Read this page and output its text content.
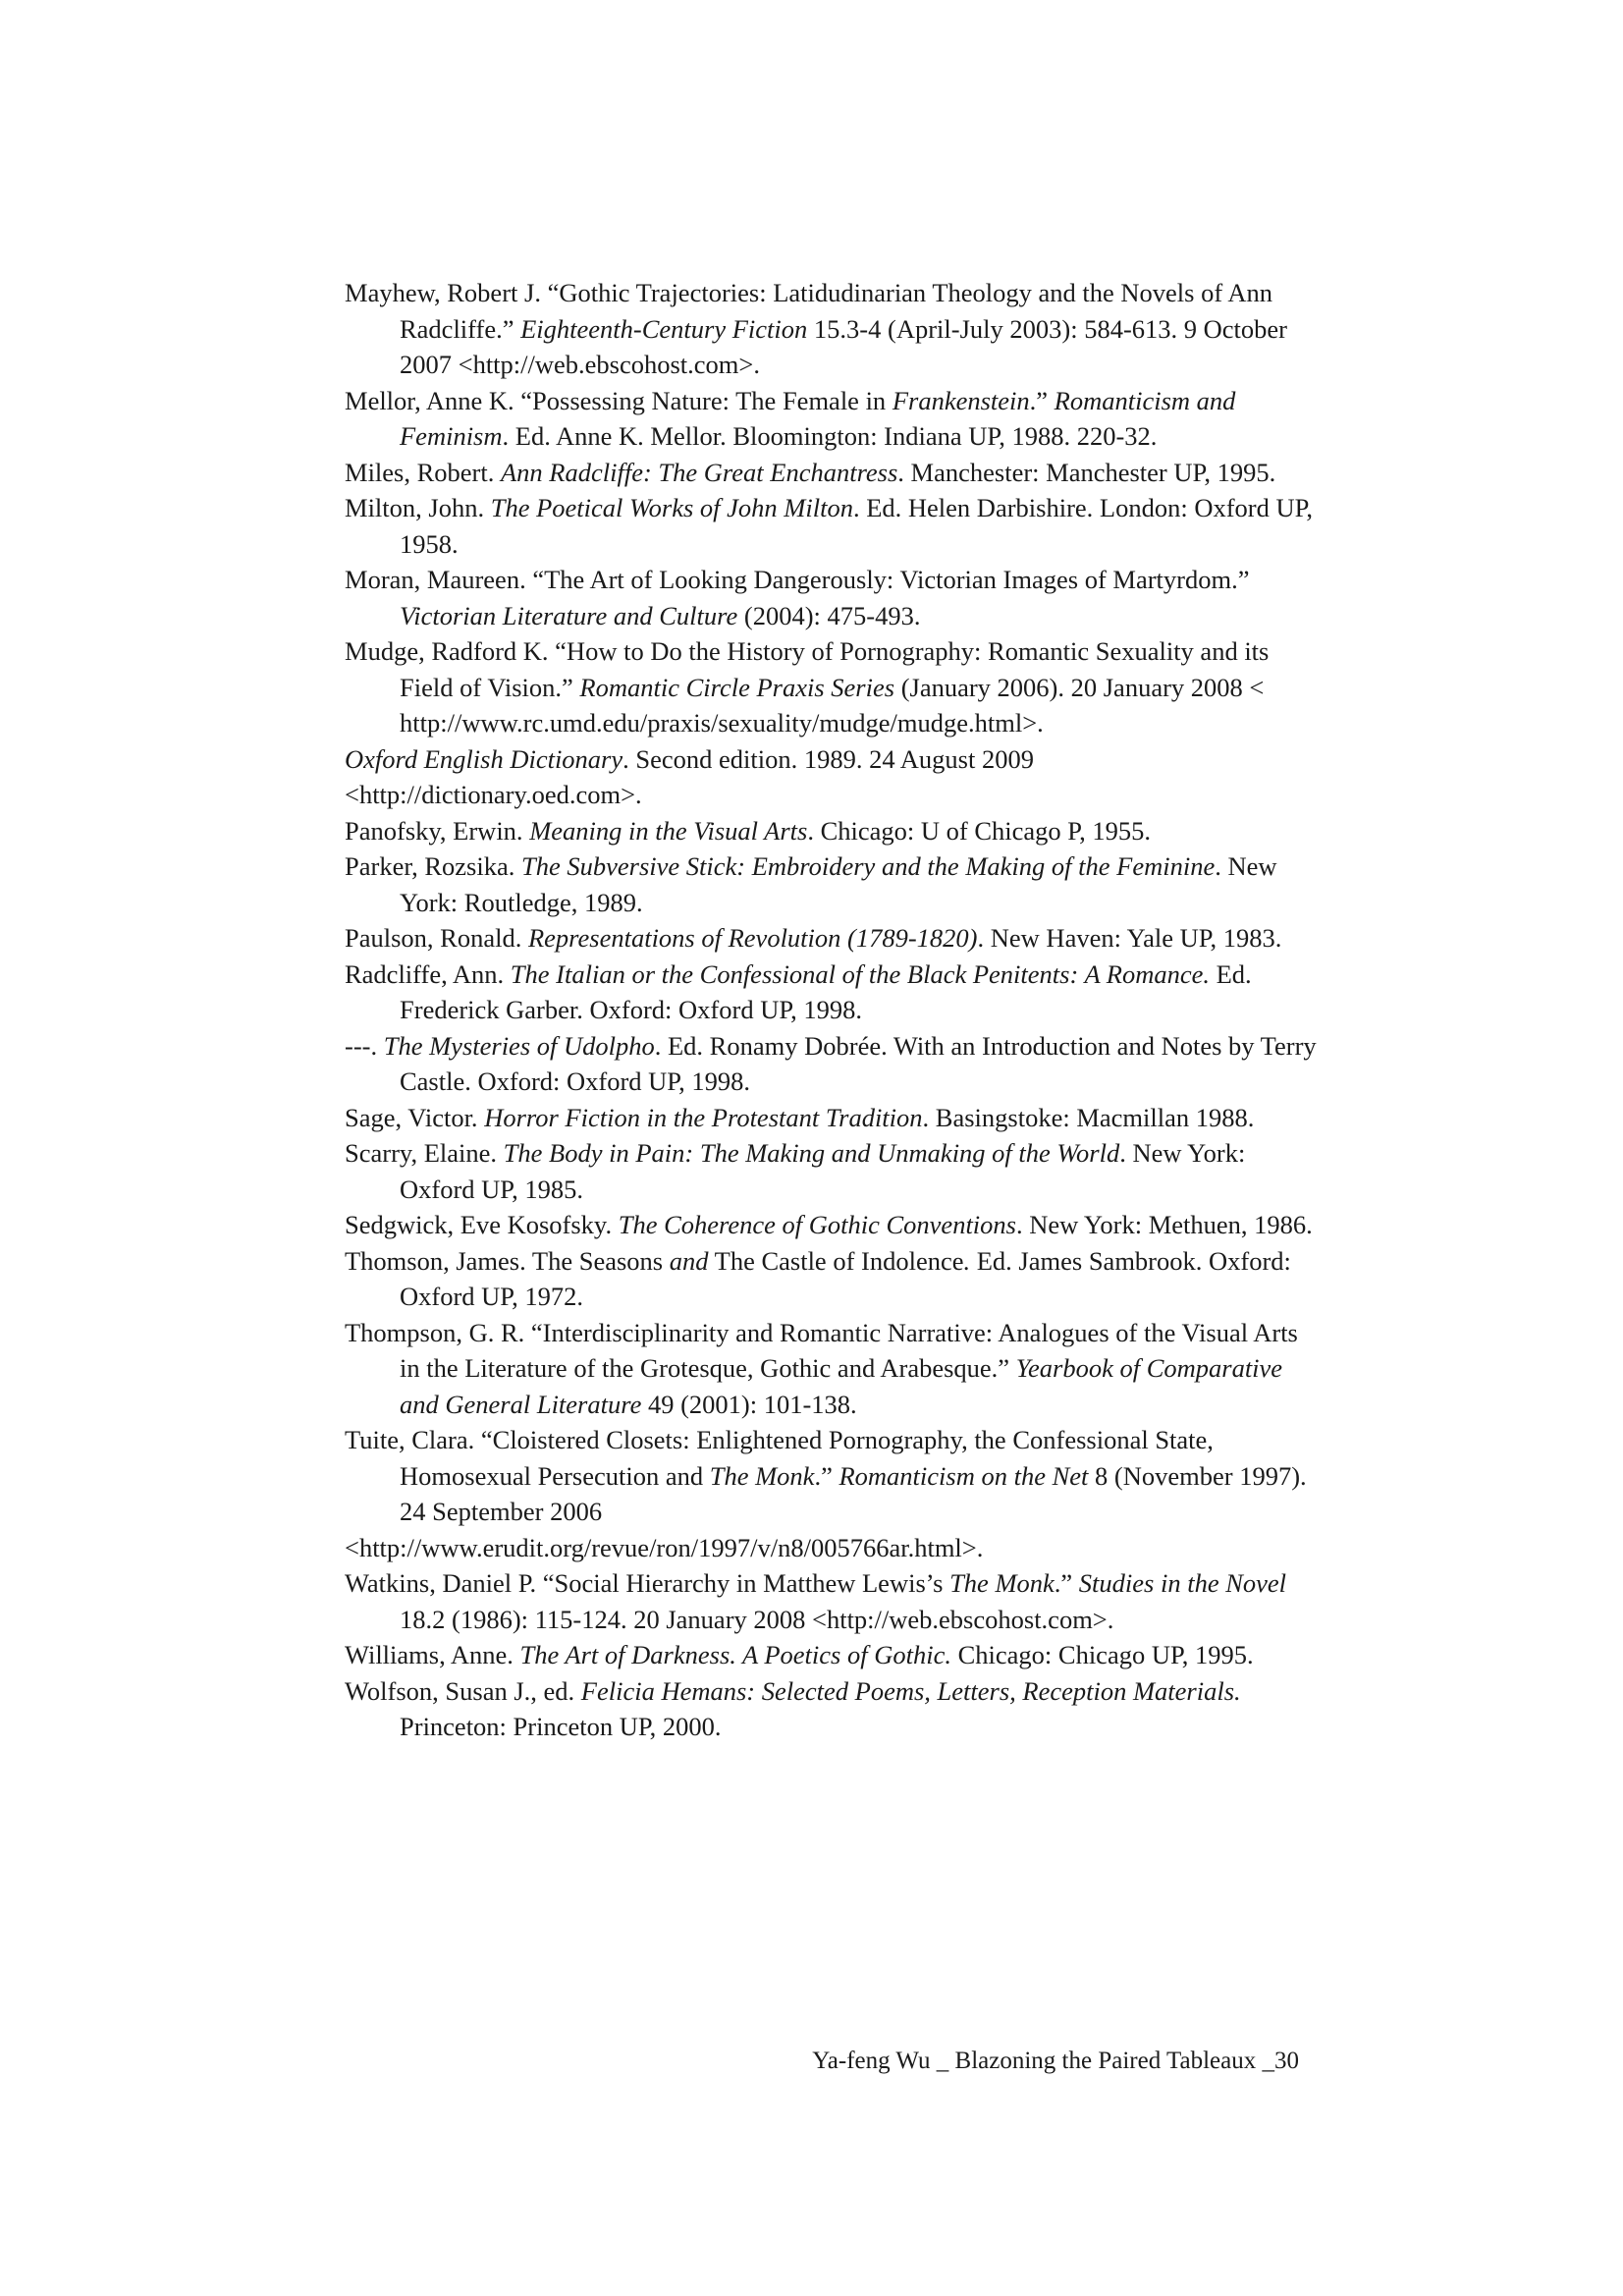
Mayhew, Robert J. “Gothic Trajectories: Latidudinarian Theology and the Novels of Ann Radcliffe.” Eighteenth-Century Fiction 15.3-4 (April-July 2003): 584-613. 9 October 2007 <http://web.ebscohost.com>.

Mellor, Anne K. “Possessing Nature: The Female in Frankenstein.” Romanticism and Feminism. Ed. Anne K. Mellor. Bloomington: Indiana UP, 1988. 220-32.

Miles, Robert. Ann Radcliffe: The Great Enchantress. Manchester: Manchester UP, 1995.

Milton, John. The Poetical Works of John Milton. Ed. Helen Darbishire. London: Oxford UP, 1958.

Moran, Maureen. “The Art of Looking Dangerously: Victorian Images of Martyrdom.” Victorian Literature and Culture (2004): 475-493.

Mudge, Radford K. “How to Do the History of Pornography: Romantic Sexuality and its Field of Vision.” Romantic Circle Praxis Series (January 2006). 20 January 2008 < http://www.rc.umd.edu/praxis/sexuality/mudge/mudge.html>.

Oxford English Dictionary. Second edition. 1989. 24 August 2009
<http://dictionary.oed.com>.

Panofsky, Erwin. Meaning in the Visual Arts. Chicago: U of Chicago P, 1955.

Parker, Rozsika. The Subversive Stick: Embroidery and the Making of the Feminine. New York: Routledge, 1989.

Paulson, Ronald. Representations of Revolution (1789-1820). New Haven: Yale UP, 1983.

Radcliffe, Ann. The Italian or the Confessional of the Black Penitents: A Romance. Ed. Frederick Garber. Oxford: Oxford UP, 1998.

---. The Mysteries of Udolpho. Ed. Ronamy Dobrée. With an Introduction and Notes by Terry Castle. Oxford: Oxford UP, 1998.

Sage, Victor. Horror Fiction in the Protestant Tradition. Basingstoke: Macmillan 1988.

Scarry, Elaine. The Body in Pain: The Making and Unmaking of the World. New York: Oxford UP, 1985.

Sedgwick, Eve Kosofsky. The Coherence of Gothic Conventions. New York: Methuen, 1986.

Thomson, James. The Seasons and The Castle of Indolence. Ed. James Sambrook. Oxford: Oxford UP, 1972.

Thompson, G. R. “Interdisciplinarity and Romantic Narrative: Analogues of the Visual Arts in the Literature of the Grotesque, Gothic and Arabesque.” Yearbook of Comparative and General Literature 49 (2001): 101-138.

Tuite, Clara. “Cloistered Closets: Enlightened Pornography, the Confessional State, Homosexual Persecution and The Monk.” Romanticism on the Net 8 (November 1997). 24 September 2006
<http://www.erudit.org/revue/ron/1997/v/n8/005766ar.html>.

Watkins, Daniel P. “Social Hierarchy in Matthew Lewis’s The Monk.” Studies in the Novel 18.2 (1986): 115-124. 20 January 2008 <http://web.ebscohost.com>.

Williams, Anne. The Art of Darkness. A Poetics of Gothic. Chicago: Chicago UP, 1995.

Wolfson, Susan J., ed. Felicia Hemans: Selected Poems, Letters, Reception Materials. Princeton: Princeton UP, 2000.

Ya-feng Wu _ Blazoning the Paired Tableaux _30
